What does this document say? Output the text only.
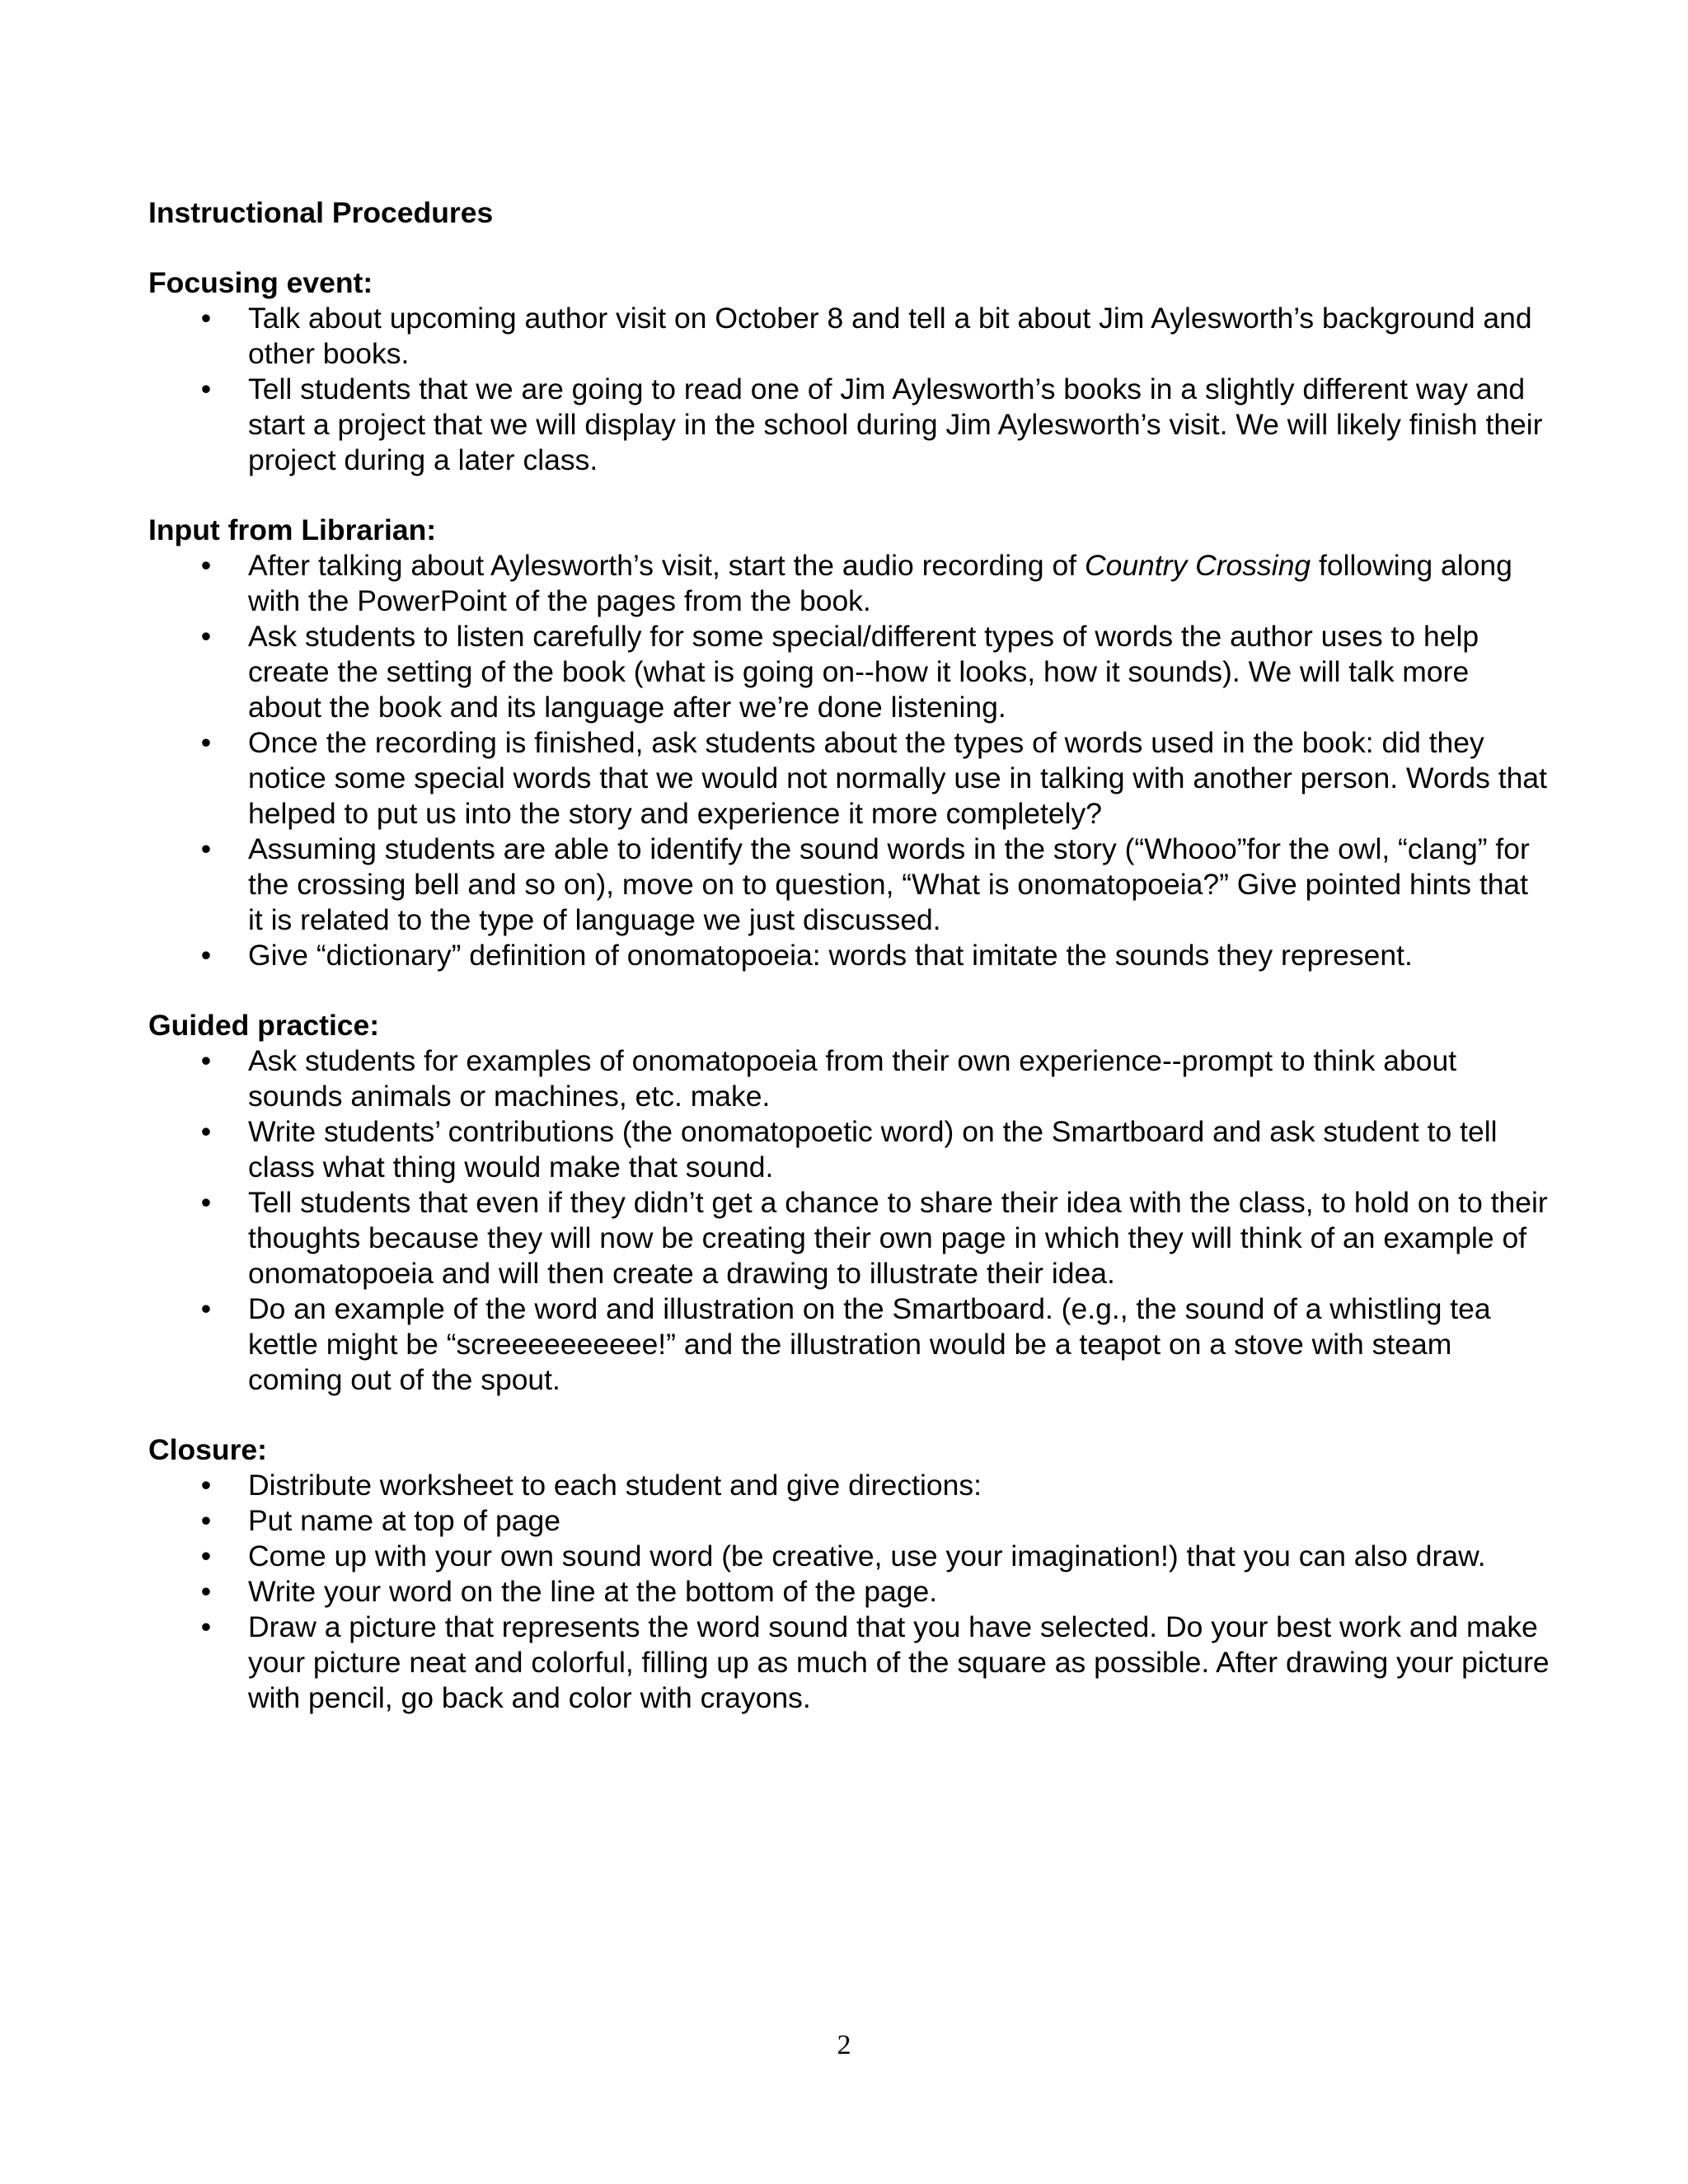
Instructional Procedures

Focusing event:

• Talk about upcoming author visit on October 8 and tell a bit about Jim Aylesworth’s background and other books.
• Tell students that we are going to read one of Jim Aylesworth’s books in a slightly different way and start a project that we will display in the school during Jim Aylesworth’s visit. We will likely finish their project during a later class.

Input from Librarian:

• After talking about Aylesworth’s visit, start the audio recording of Country Crossing following along with the PowerPoint of the pages from the book.
• Ask students to listen carefully for some special/different types of words the author uses to help create the setting of the book (what is going on--how it looks, how it sounds). We will talk more about the book and its language after we’re done listening.
• Once the recording is finished, ask students about the types of words used in the book: did they notice some special words that we would not normally use in talking with another person. Words that helped to put us into the story and experience it more completely?
• Assuming students are able to identify the sound words in the story (“Whooo”for the owl, “clang” for the crossing bell and so on), move on to question, “What is onomatopoeia?” Give pointed hints that it is related to the type of language we just discussed.
• Give “dictionary” definition of onomatopoeia: words that imitate the sounds they represent.

Guided practice:

• Ask students for examples of onomatopoeia from their own experience--prompt to think about sounds animals or machines, etc. make.
• Write students’ contributions (the onomatopoetic word) on the Smartboard and ask student to tell class what thing would make that sound.
• Tell students that even if they didn’t get a chance to share their idea with the class, to hold on to their thoughts because they will now be creating their own page in which they will think of an example of onomatopoeia and will then create a drawing to illustrate their idea.
• Do an example of the word and illustration on the Smartboard. (e.g., the sound of a whistling tea kettle might be “screeeeeeeeee!” and the illustration would be a teapot on a stove with steam coming out of the spout.

Closure:

• Distribute worksheet to each student and give directions:
• Put name at top of page
• Come up with your own sound word (be creative, use your imagination!) that you can also draw.
• Write your word on the line at the bottom of the page.
• Draw a picture that represents the word sound that you have selected. Do your best work and make your picture neat and colorful, filling up as much of the square as possible. After drawing your picture with pencil, go back and color with crayons.
2
